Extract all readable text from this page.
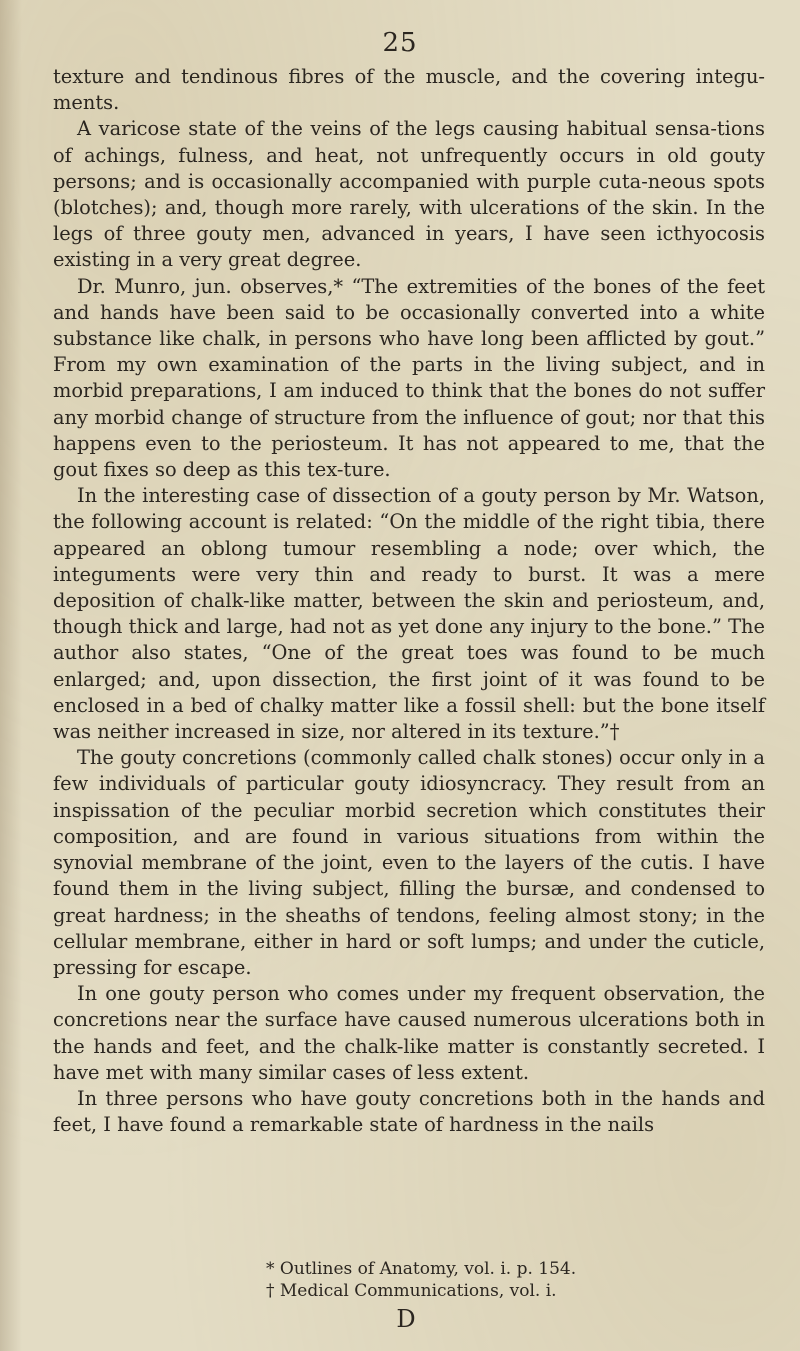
25

texture and tendinous fibres of the muscle, and the covering integu-ments.

A varicose state of the veins of the legs causing habitual sensa-tions of achings, fulness, and heat, not unfrequently occurs in old gouty persons; and is occasionally accompanied with purple cuta-neous spots (blotches); and, though more rarely, with ulcerations of the skin. In the legs of three gouty men, advanced in years, I have seen icthyocosis existing in a very great degree.

Dr. Munro, jun. observes,* “The extremities of the bones of the feet and hands have been said to be occasionally converted into a white substance like chalk, in persons who have long been afflicted by gout.” From my own examination of the parts in the living subject, and in morbid preparations, I am induced to think that the bones do not suffer any morbid change of structure from the influence of gout; nor that this happens even to the periosteum. It has not appeared to me, that the gout fixes so deep as this tex-ture.

In the interesting case of dissection of a gouty person by Mr. Watson, the following account is related: “On the middle of the right tibia, there appeared an oblong tumour resembling a node; over which, the integuments were very thin and ready to burst. It was a mere deposition of chalk-like matter, between the skin and periosteum, and, though thick and large, had not as yet done any injury to the bone.” The author also states, “One of the great toes was found to be much enlarged; and, upon dissection, the first joint of it was found to be enclosed in a bed of chalky matter like a fossil shell: but the bone itself was neither increased in size, nor altered in its texture.”†

The gouty concretions (commonly called chalk stones) occur only in a few individuals of particular gouty idiosyncracy. They result from an inspissation of the peculiar morbid secretion which constitutes their composition, and are found in various situations from within the synovial membrane of the joint, even to the layers of the cutis. I have found them in the living subject, filling the bursæ, and condensed to great hardness; in the sheaths of tendons, feeling almost stony; in the cellular membrane, either in hard or soft lumps; and under the cuticle, pressing for escape.

In one gouty person who comes under my frequent observation, the concretions near the surface have caused numerous ulcerations both in the hands and feet, and the chalk-like matter is constantly secreted. I have met with many similar cases of less extent.

In three persons who have gouty concretions both in the hands and feet, I have found a remarkable state of hardness in the nails

* Outlines of Anatomy, vol. i. p. 154.

† Medical Communications, vol. i.

D
